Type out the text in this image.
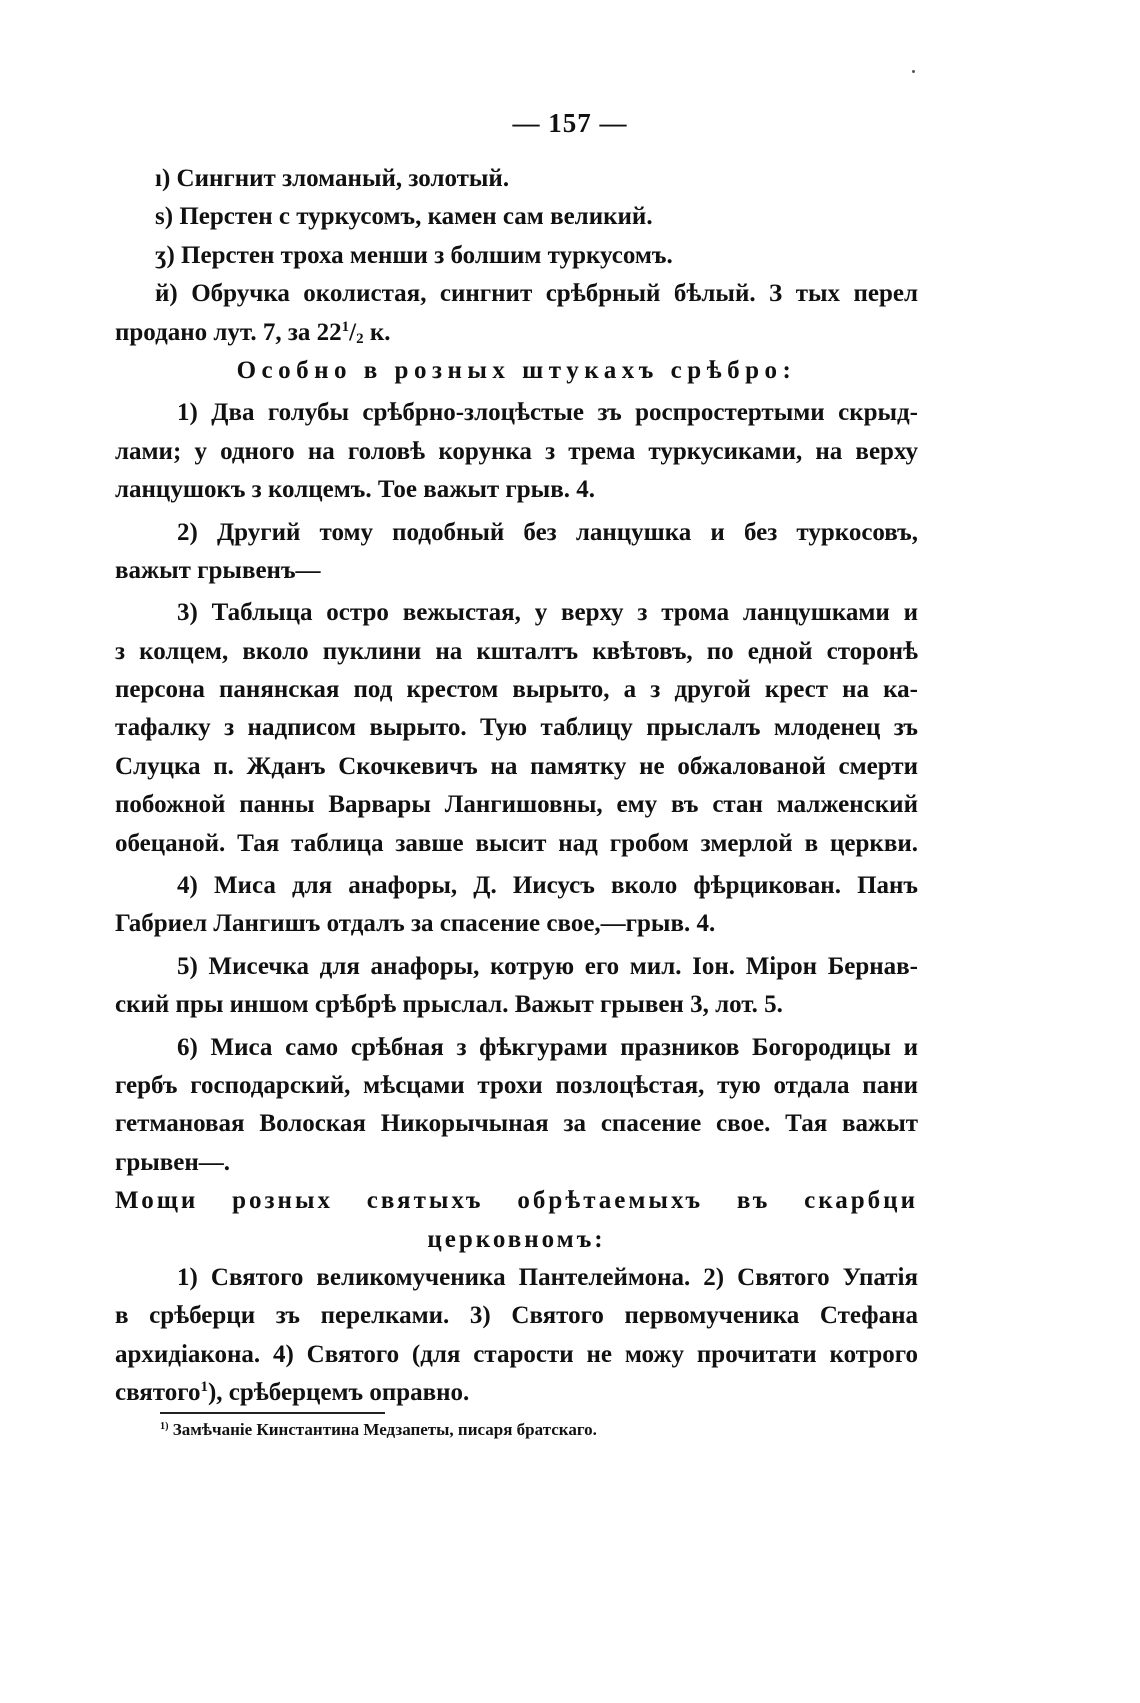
— 157 —
ı) Сингнит зломаный, золотый.
ѕ) Перстен с туркусомъ, камен сам великий.
ʒ) Перстен троха менши з болшим туркусомъ.
й) Обручка околистая, сингнит срѣбрный бѣлый. З тых перел
продано лут. 7, за $22^1/_2$ к.
Особно в розных штукахъ срѣбро:
1) Два голубы срѣбрно-злоцѣстые зъ роспростертыми скрыд-
лами; у одного на головѣ корунка з трема туркусиками, на верху
ланцушокъ з колцемъ. Тое важыт грыв. 4.
2) Другий тому подобный без ланцушка и без туркосовъ,
важыт грывенъ—
3) Таблыца остро вежыстая, у верху з трома ланцушками и
з колцем, вколо пуклини на кшталтъ квѣтовъ, по едной сторонѣ
персона панянская под крестом вырыто, а з другой крест на ка-
тафалку з надписом вырыто. Тую таблицу прыслалъ млоденец зъ
Слуцка п. Жданъ Скочкевичъ на памятку не обжалованой смерти
побожной панны Варвары Лангишовны, ему въ стан малженский
обецаной. Тая таблица завше высит над гробом змерлой в церкви.
4) Миса для анафоры, Д. Иисусъ вколо фѣрцикован. Панъ
Габриел Лангишъ отдалъ за спасение свое,—грыв. 4.
5) Мисечка для анафоры, котрую его мил. Іон. Мірон Бернав-
ский пры иншом срѣбрѣ прыслал. Важыт грывен 3, лот. 5.
6) Миса само срѣбная з фѣкгурами празников Богородицы и
гербъ господарский, мѣсцами трохи позлоцѣстая, тую отдала пани
гетмановая Волоская Никорычыная за спасение свое. Тая важыт
грывен—.
Мощи розных святыхъ обрѣтаемыхъ въ скарбци
церковномъ:
1) Святого великомученика Пантелеймона. 2) Святого Упатія
в срѣберци зъ перелками. 3) Святого первомученика Стефана
архидіакона. 4) Святого (для старости не можу прочитати котрого
святого$^1$), срѣберцемъ оправно.
$^{1)}$ Замѣчаніе Кинстантина Медзапеты, писаря братскаго.
